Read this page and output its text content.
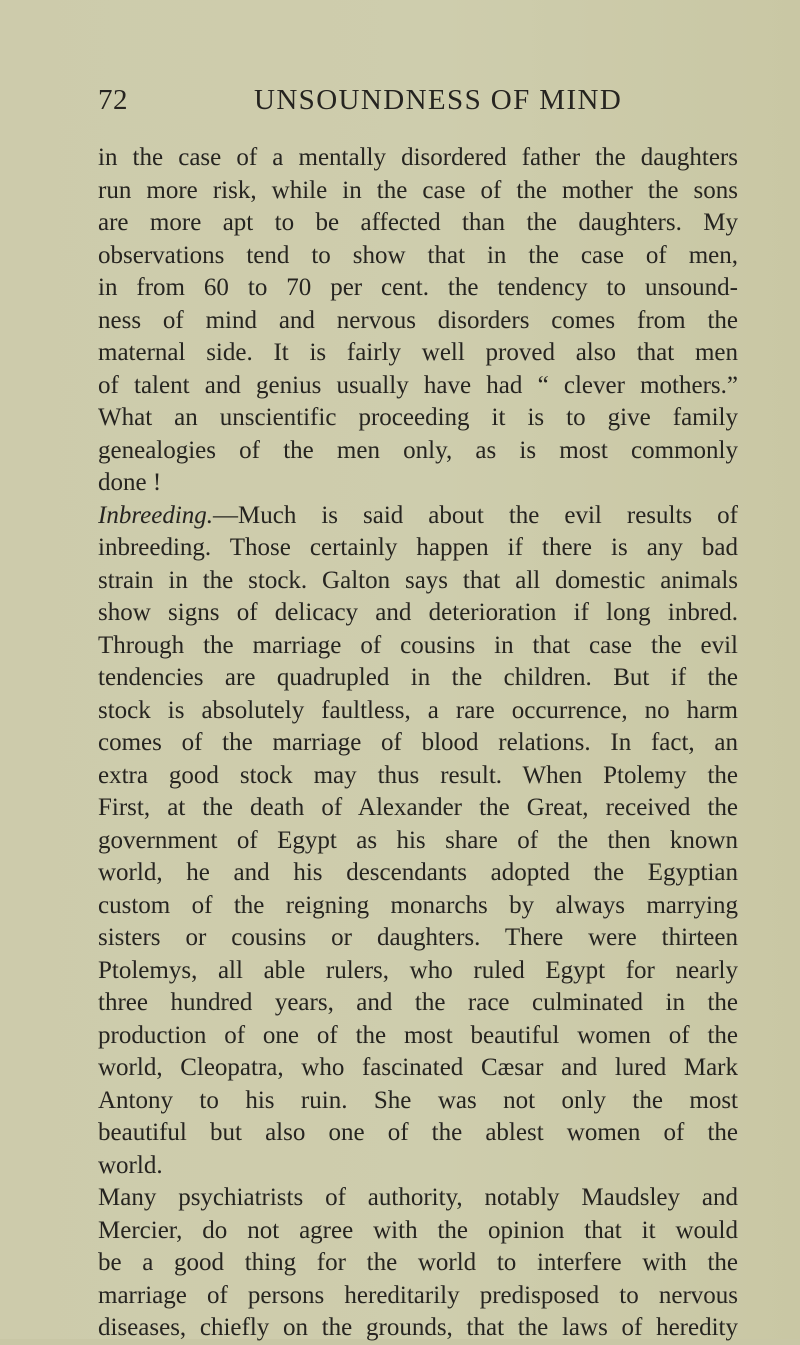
72	UNSOUNDNESS OF MIND
in the case of a mentally disordered father the daughters
run more risk, while in the case of the mother the sons
are more apt to be affected than the daughters. My
observations tend to show that in the case of men,
in from 60 to 70 per cent. the tendency to unsound-
ness of mind and nervous disorders comes from the
maternal side. It is fairly well proved also that men
of talent and genius usually have had “ clever mothers.”
What an unscientific proceeding it is to give family
genealogies of the men only, as is most commonly
done !
Inbreeding.—Much is said about the evil results of
inbreeding. Those certainly happen if there is any bad
strain in the stock. Galton says that all domestic animals
show signs of delicacy and deterioration if long inbred.
Through the marriage of cousins in that case the evil
tendencies are quadrupled in the children. But if the
stock is absolutely faultless, a rare occurrence, no harm
comes of the marriage of blood relations. In fact, an
extra good stock may thus result. When Ptolemy the
First, at the death of Alexander the Great, received the
government of Egypt as his share of the then known
world, he and his descendants adopted the Egyptian
custom of the reigning monarchs by always marrying
sisters or cousins or daughters. There were thirteen
Ptolemys, all able rulers, who ruled Egypt for nearly
three hundred years, and the race culminated in the
production of one of the most beautiful women of the
world, Cleopatra, who fascinated Cæsar and lured Mark
Antony to his ruin. She was not only the most
beautiful but also one of the ablest women of the
world.
Many psychiatrists of authority, notably Maudsley and
Mercier, do not agree with the opinion that it would
be a good thing for the world to interfere with the
marriage of persons hereditarily predisposed to nervous
diseases, chiefly on the grounds, that the laws of heredity
